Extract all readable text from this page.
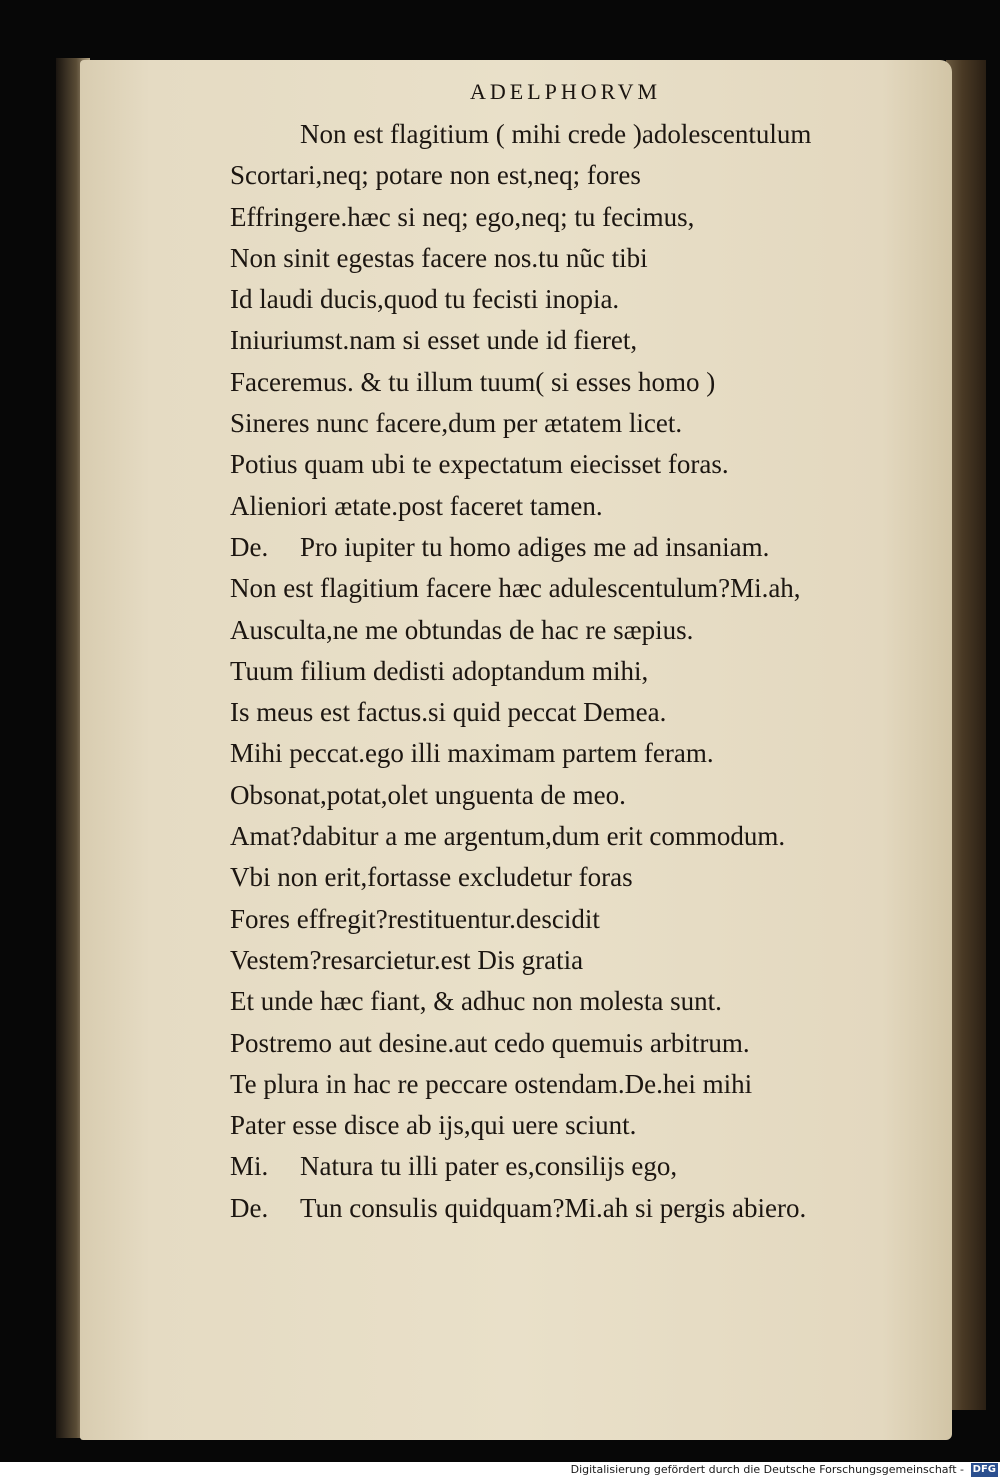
ADELPHORVM
Non est flagitium ( mihi crede )adolescentulum
Scortari,neq; potare non est,neq; fores
Effringere.hæc si neq; ego,neq; tu fecimus,
Non sinit egestas facere nos.tu nũc tibi
Id laudi ducis,quod tu fecisti inopia.
Iniuriumst.nam si esset unde id fieret,
Faceremus. & tu illum tuum( si esses homo )
Sineres nunc facere,dum per ætatem licet.
Potius quam ubi te expectatum eiecisset foras.
Alieniori ætate.post faceret tamen.
De. Pro iupiter tu homo adiges me ad insaniam.
Non est flagitium facere hæc adulescentulum?Mi.ah,
Ausculta,ne me obtundas de hac re sæpius.
Tuum filium dedisti adoptandum mihi,
Is meus est factus.si quid peccat Demea.
Mihi peccat.ego illi maximam partem feram.
Obsonat,potat,olet unguenta de meo.
Amat?dabitur a me argentum,dum erit commodum.
Vbi non erit,fortasse excludetur foras
Fores effregit?restituentur.descidit
Vestem?resarcietur.est Dis gratia
Et unde hæc fiant, & adhuc non molesta sunt.
Postremo aut desine.aut cedo quemuis arbitrum.
Te plura in hac re peccare ostendam.De.hei mihi
Pater esse disce ab ijs,qui uere sciunt.
Mi. Natura tu illi pater es,consilijs ego,
De. Tun consulis quidquam?Mi.ah si pergis abiero.
Digitalisierung gefördert durch die Deutsche Forschungsgemeinschaft - DFG
